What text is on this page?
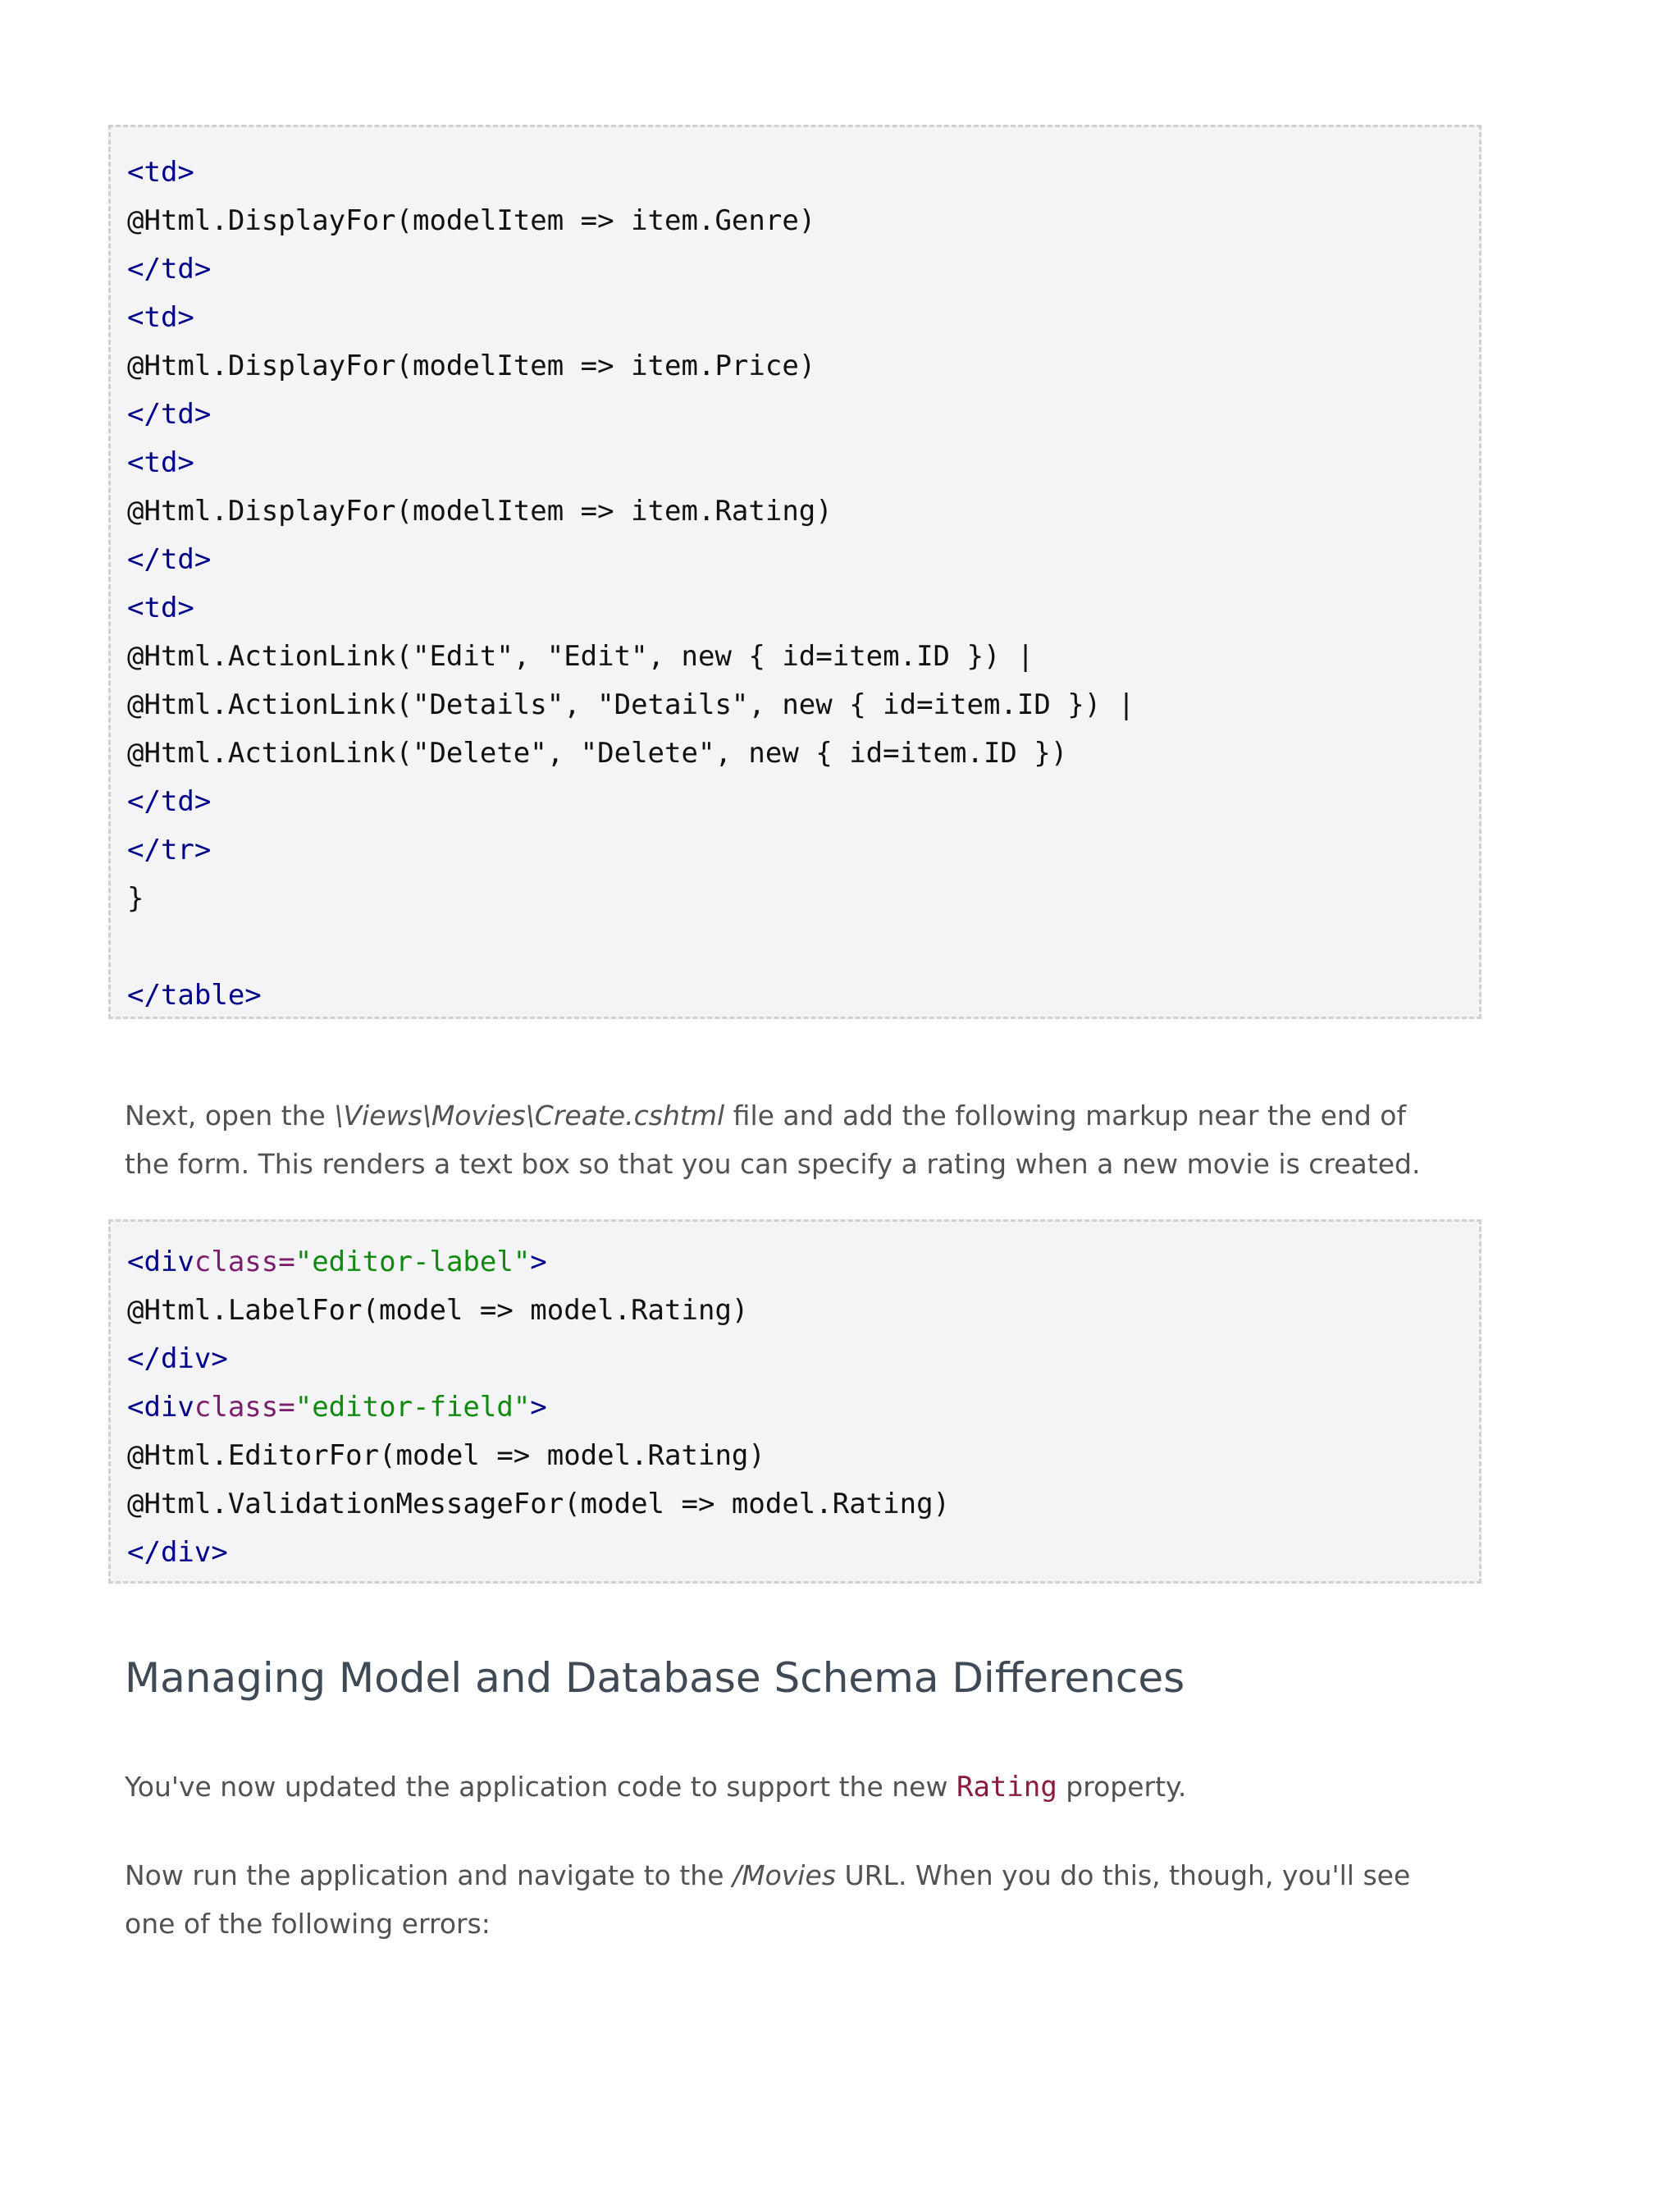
<td>
@Html.DisplayFor(modelItem => item.Genre)
</td>
<td>
@Html.DisplayFor(modelItem => item.Price)
</td>
<td>
@Html.DisplayFor(modelItem => item.Rating)
</td>
<td>
@Html.ActionLink("Edit", "Edit", new { id=item.ID }) |
@Html.ActionLink("Details", "Details", new { id=item.ID }) |
@Html.ActionLink("Delete", "Delete", new { id=item.ID })
</td>
</tr>
}
</table>

Next, open the \Views\Movies\Create.cshtml file and add the following markup near the end of the form. This renders a text box so that you can specify a rating when a new movie is created.

<divclass="editor-label">
@Html.LabelFor(model => model.Rating)
</div>
<divclass="editor-field">
@Html.EditorFor(model => model.Rating)
@Html.ValidationMessageFor(model => model.Rating)
</div>
Managing Model and Database Schema Differences

You've now updated the application code to support the new Rating property.

Now run the application and navigate to the /Movies URL. When you do this, though, you'll see one of the following errors:
